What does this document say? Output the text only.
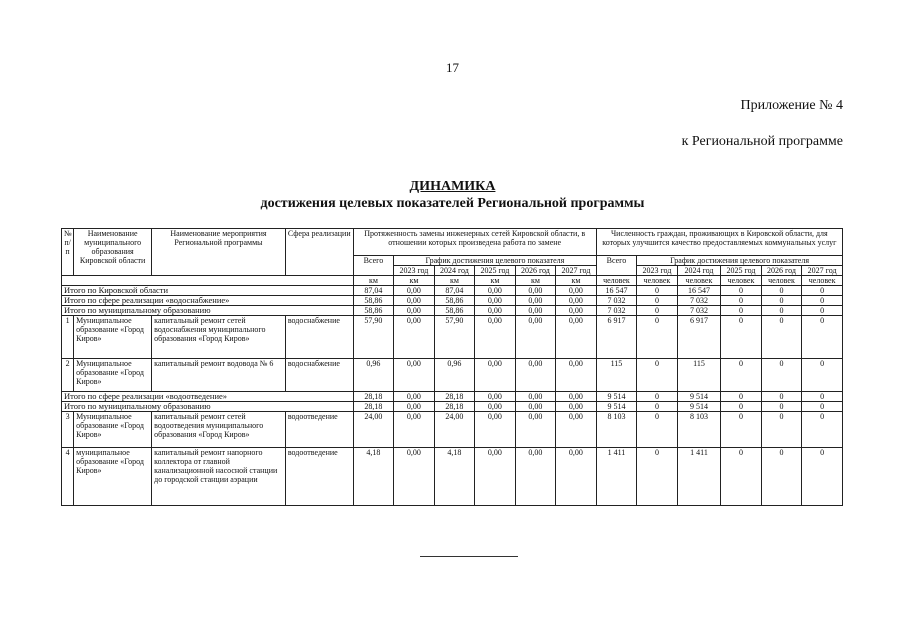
17
Приложение № 4
к Региональной программе
ДИНАМИКА
достижения целевых показателей Региональной программы
№ п/п	Наименование муниципального образования Кировской области	Наименование мероприятия Региональной программы	Сфера реализации	Протяженность замены инженерных сетей Кировской области, в отношении которых произведена работа по замене						Численность граждан, проживающих в Кировской области, для которых улучшится качество предоставляемых коммунальных услуг					
				Всего	График достижения целевого показателя					Всего	График достижения целевого показателя				
					2023 год	2024 год	2025 год	2026 год	2027 год		2023 год	2024 год	2025 год	2026 год	2027 год
				км	км	км	км	км	км	человек	человек	человек	человек	человек	человек
Итого по Кировской области				87,04	0,00	87,04	0,00	0,00	0,00	16 547	0	16 547	0	0	0
Итого по сфере реализации «водоснабжение»				58,86	0,00	58,86	0,00	0,00	0,00	7 032	0	7 032	0	0	0
Итого по муниципальному образованию				58,86	0,00	58,86	0,00	0,00	0,00	7 032	0	7 032	0	0	0
1	Муниципальное образование «Город Киров»	капитальный ремонт сетей водоснабжения муниципального образования «Город Киров»	водоснабжение	57,90	0,00	57,90	0,00	0,00	0,00	6 917	0	6 917	0	0	0
2	Муниципальное образование «Город Киров»	капитальный ремонт водовода № 6	водоснабжение	0,96	0,00	0,96	0,00	0,00	0,00	115	0	115	0	0	0
Итого по сфере реализации «водоотведение»				28,18	0,00	28,18	0,00	0,00	0,00	9 514	0	9 514	0	0	0
Итого по муниципальному образованию				28,18	0,00	28,18	0,00	0,00	0,00	9 514	0	9 514	0	0	0
3	Муниципальное образование «Город Киров»	капитальный ремонт сетей водоотведения муниципального образования «Город Киров»	водоотведение	24,00	0,00	24,00	0,00	0,00	0,00	8 103	0	8 103	0	0	0
4	муниципальное образование «Город Киров»	капитальный ремонт напорного коллектора от главной канализационной насосной станции до городской станции аэрации	водоотведение	4,18	0,00	4,18	0,00	0,00	0,00	1 411	0	1 411	0	0	0
